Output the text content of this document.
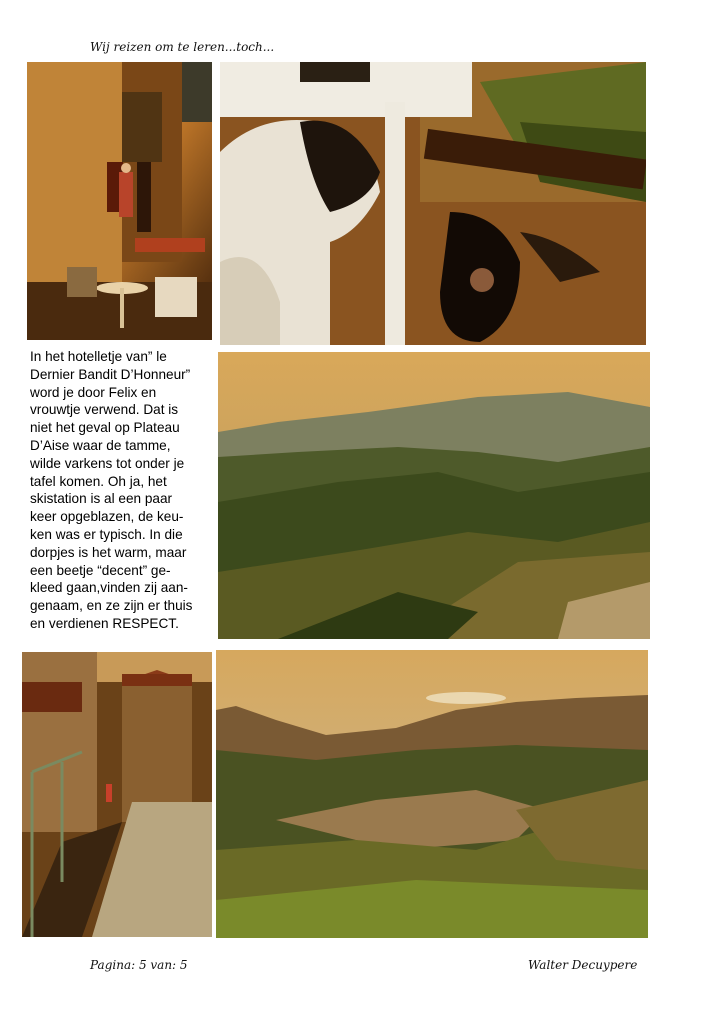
Wij reizen om te leren...toch...
In het hotelletje van” le
Dernier Bandit D’Honneur”
word je door Felix en
vrouwtje verwend. Dat is
niet het geval op Plateau
D’Aise waar de tamme,
wilde varkens tot onder je
tafel komen. Oh ja, het
skistation is al een paar
keer opgeblazen, de keu-
ken was er typisch. In die
dorpjes is het warm, maar
een beetje “decent” ge-
kleed gaan,vinden zij aan-
genaam, en ze zijn er thuis
en verdienen RESPECT.
Pagina: 5 van: 5	Walter Decuypere
